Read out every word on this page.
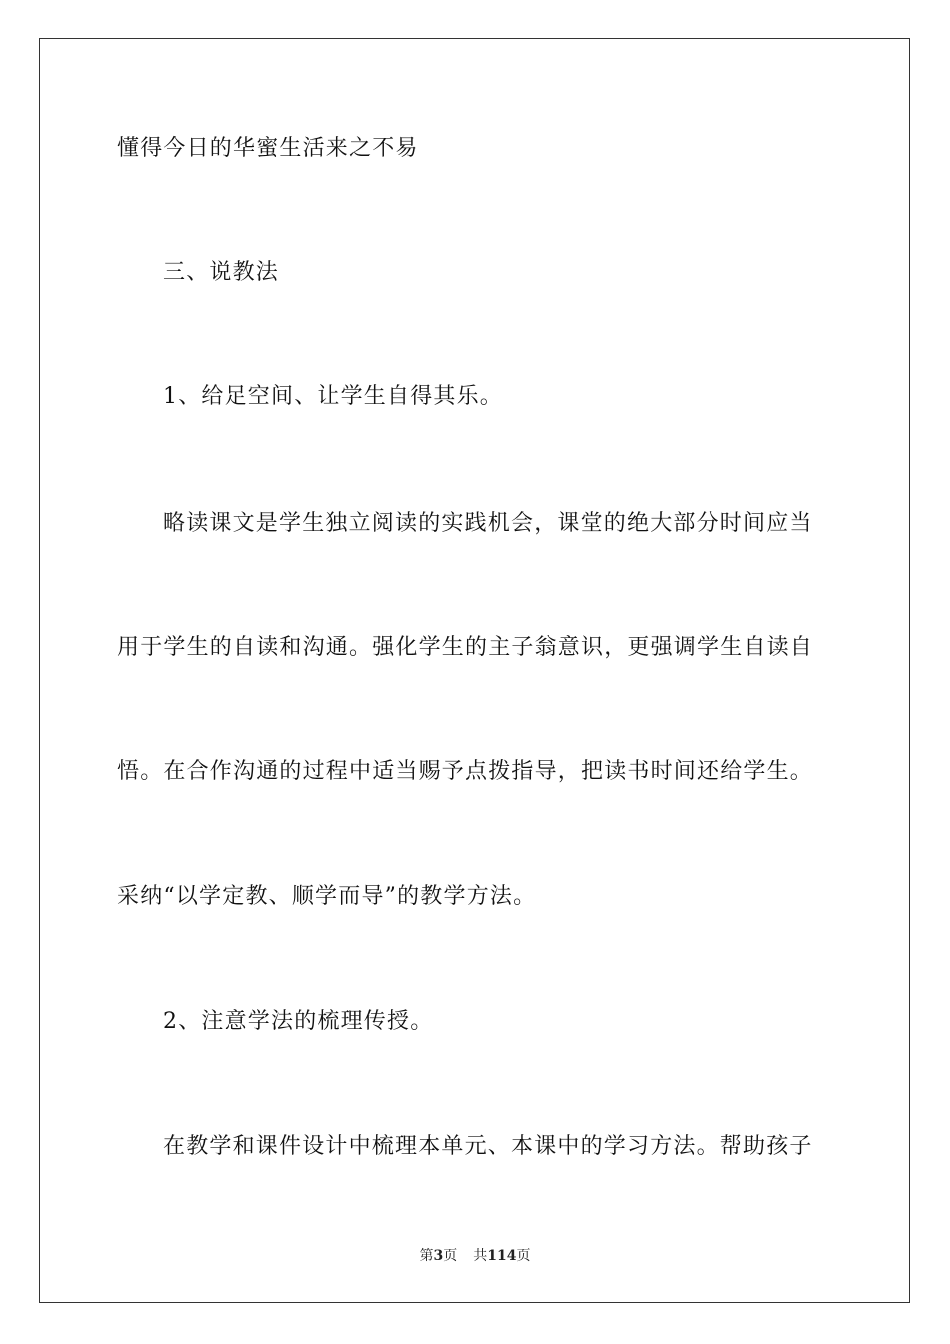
懂得今日的华蜜生活来之不易
三、说教法
1、给足空间、让学生自得其乐。
略读课文是学生独立阅读的实践机会，课堂的绝大部分时间应当
用于学生的自读和沟通。强化学生的主子翁意识，更强调学生自读自
悟。在合作沟通的过程中适当赐予点拨指导，把读书时间还给学生。
采纳“以学定教、顺学而导”的教学方法。
2、注意学法的梳理传授。
在教学和课件设计中梳理本单元、本课中的学习方法。帮助孩子
第3页 共114页
